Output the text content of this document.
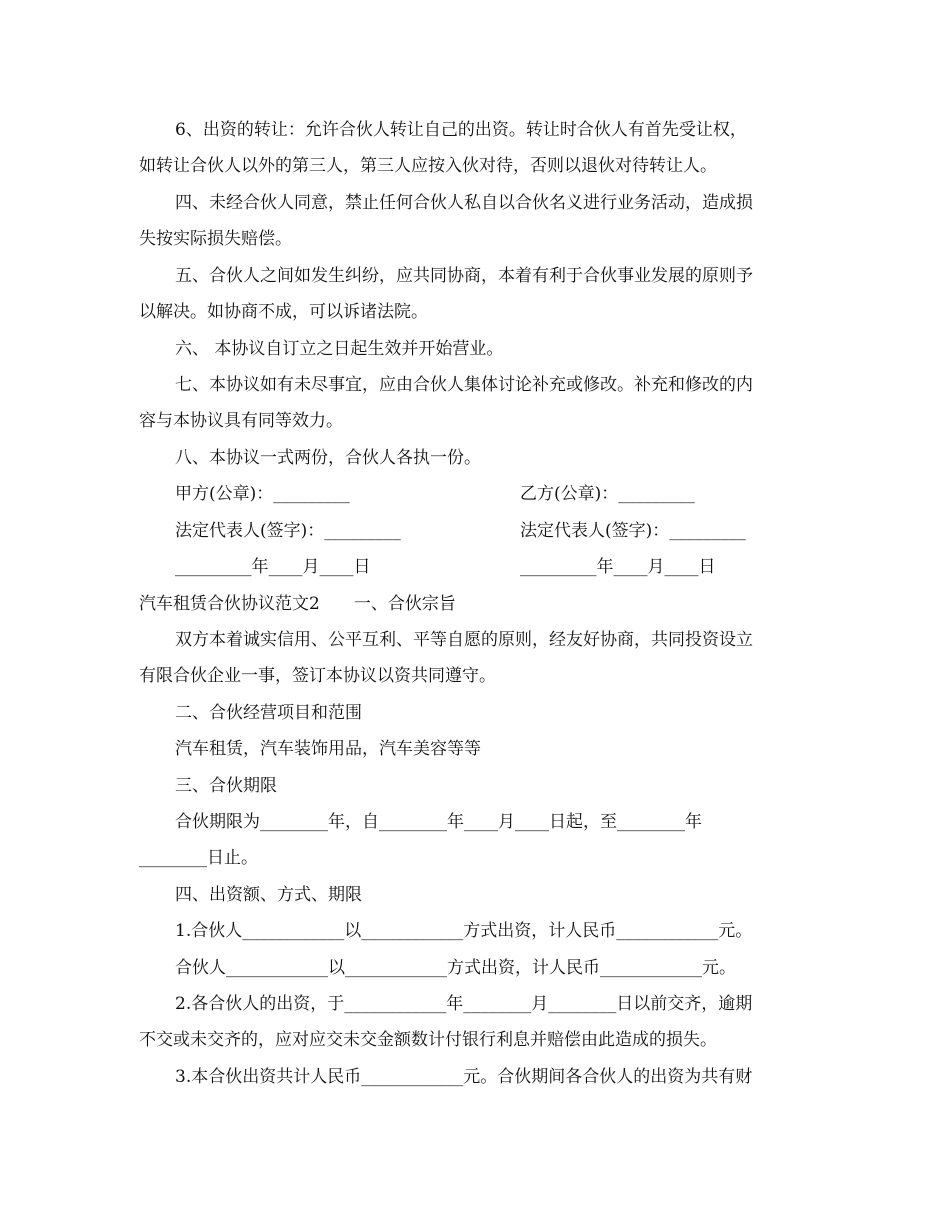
6、出资的转让：允许合伙人转让自己的出资。转让时合伙人有首先受让权，
如转让合伙人以外的第三人，第三人应按入伙对待，否则以退伙对待转让人。
四、未经合伙人同意，禁止任何合伙人私自以合伙名义进行业务活动，造成损
失按实际损失赔偿。
五、合伙人之间如发生纠纷，应共同协商，本着有利于合伙事业发展的原则予
以解决。如协商不成，可以诉诸法院。
六、 本协议自订立之日起生效并开始营业。
七、本协议如有未尽事宜，应由合伙人集体讨论补充或修改。补充和修改的内
容与本协议具有同等效力。
八、本协议一式两份，合伙人各执一份。
甲方(公章)：_________	乙方(公章)：_________
法定代表人(签字)：_________	法定代表人(签字)：_________
_________年____月____日	_________年____月____日
汽车租赁合伙协议范文2　　一、合伙宗旨
双方本着诚实信用、公平互利、平等自愿的原则，经友好协商，共同投资设立
有限合伙企业一事，签订本协议以资共同遵守。
二、合伙经营项目和范围
汽车租赁，汽车装饰用品，汽车美容等等
三、合伙期限
合伙期限为________年，自________年____月____日起，至________年
________日止。
四、出资额、方式、期限
1.合伙人____________以____________方式出资，计人民币____________元。
合伙人____________以____________方式出资，计人民币____________元。
2.各合伙人的出资，于____________年________月________日以前交齐，逾期
不交或未交齐的，应对应交未交金额数计付银行利息并赔偿由此造成的损失。
3.本合伙出资共计人民币____________元。合伙期间各合伙人的出资为共有财
